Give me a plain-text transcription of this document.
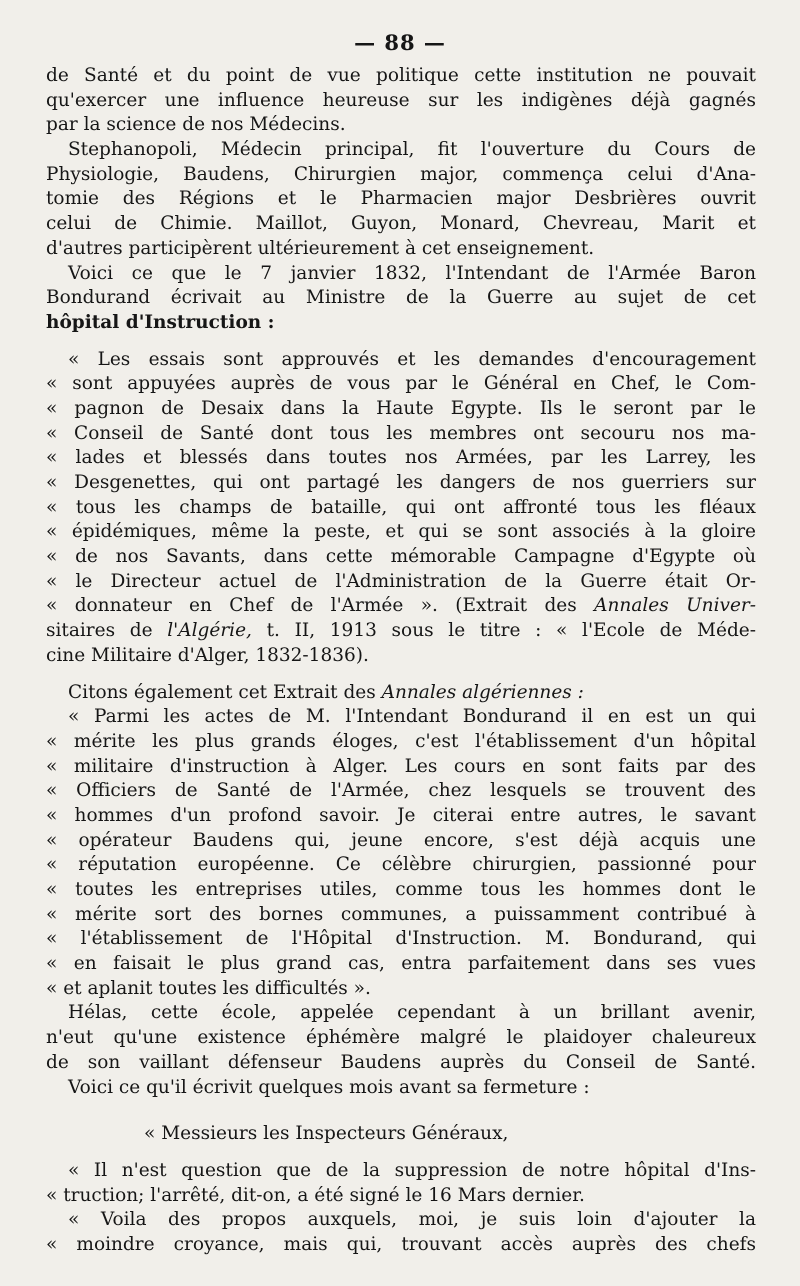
— 88 —
de Santé et du point de vue politique cette institution ne pouvait
qu'exercer une influence heureuse sur les indigènes déjà gagnés
par la science de nos Médecins.
Stephanopoli, Médecin principal, fit l'ouverture du Cours de
Physiologie, Baudens, Chirurgien major, commença celui d'Ana-
tomie des Régions et le Pharmacien major Desbrières ouvrit
celui de Chimie. Maillot, Guyon, Monard, Chevreau, Marit et
d'autres participèrent ultérieurement à cet enseignement.
Voici ce que le 7 janvier 1832, l'Intendant de l'Armée Baron
Bondurand écrivait au Ministre de la Guerre au sujet de cet
hôpital d'Instruction :
« Les essais sont approuvés et les demandes d'encouragement
« sont appuyées auprès de vous par le Général en Chef, le Com-
« pagnon de Desaix dans la Haute Egypte. Ils le seront par le
« Conseil de Santé dont tous les membres ont secouru nos ma-
« lades et blessés dans toutes nos Armées, par les Larrey, les
« Desgenettes, qui ont partagé les dangers de nos guerriers sur
« tous les champs de bataille, qui ont affronté tous les fléaux
« épidémiques, même la peste, et qui se sont associés à la gloire
« de nos Savants, dans cette mémorable Campagne d'Egypte où
« le Directeur actuel de l'Administration de la Guerre était Or-
« donnateur en Chef de l'Armée ». (Extrait des Annales Univer-
sitaires de l'Algérie, t. II, 1913 sous le titre : « l'Ecole de Méde-
cine Militaire d'Alger, 1832-1836).
Citons également cet Extrait des Annales algériennes :
« Parmi les actes de M. l'Intendant Bondurand il en est un qui
« mérite les plus grands éloges, c'est l'établissement d'un hôpital
« militaire d'instruction à Alger. Les cours en sont faits par des
« Officiers de Santé de l'Armée, chez lesquels se trouvent des
« hommes d'un profond savoir. Je citerai entre autres, le savant
« opérateur Baudens qui, jeune encore, s'est déjà acquis une
« réputation européenne. Ce célèbre chirurgien, passionné pour
« toutes les entreprises utiles, comme tous les hommes dont le
« mérite sort des bornes communes, a puissamment contribué à
« l'établissement de l'Hôpital d'Instruction. M. Bondurand, qui
« en faisait le plus grand cas, entra parfaitement dans ses vues
« et aplanit toutes les difficultés ».
Hélas, cette école, appelée cependant à un brillant avenir,
n'eut qu'une existence éphémère malgré le plaidoyer chaleureux
de son vaillant défenseur Baudens auprès du Conseil de Santé.
Voici ce qu'il écrivit quelques mois avant sa fermeture :
« Messieurs les Inspecteurs Généraux,
« Il n'est question que de la suppression de notre hôpital d'Ins-
« truction; l'arrêté, dit-on, a été signé le 16 Mars dernier.
« Voila des propos auxquels, moi, je suis loin d'ajouter la
« moindre croyance, mais qui, trouvant accès auprès des chefs
